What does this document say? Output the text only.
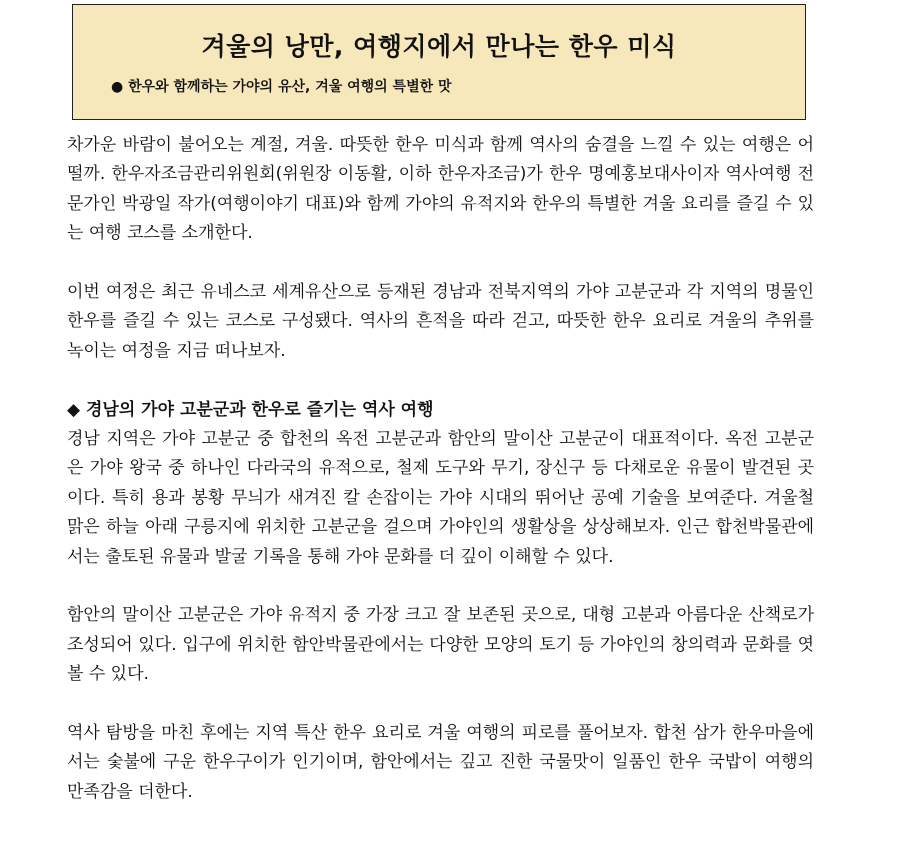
겨울의 낭만, 여행지에서 만나는 한우 미식
● 한우와 함께하는 가야의 유산, 겨울 여행의 특별한 맛

차가운 바람이 불어오는 계절, 겨울. 따뜻한 한우 미식과 함께 역사의 숨결을 느낄 수 있는 여행은 어떨까. 한우자조금관리위원회(위원장 이동활, 이하 한우자조금)가 한우 명예홍보대사이자 역사여행 전문가인 박광일 작가(여행이야기 대표)와 함께 가야의 유적지와 한우의 특별한 겨울 요리를 즐길 수 있는 여행 코스를 소개한다.

이번 여정은 최근 유네스코 세계유산으로 등재된 경남과 전북지역의 가야 고분군과 각 지역의 명물인 한우를 즐길 수 있는 코스로 구성됐다. 역사의 흔적을 따라 걷고, 따뜻한 한우 요리로 겨울의 추위를 녹이는 여정을 지금 떠나보자.

◆ 경남의 가야 고분군과 한우로 즐기는 역사 여행

경남 지역은 가야 고분군 중 합천의 옥전 고분군과 함안의 말이산 고분군이 대표적이다. 옥전 고분군은 가야 왕국 중 하나인 다라국의 유적으로, 철제 도구와 무기, 장신구 등 다채로운 유물이 발견된 곳이다. 특히 용과 봉황 무늬가 새겨진 칼 손잡이는 가야 시대의 뛰어난 공예 기술을 보여준다. 겨울철 맑은 하늘 아래 구릉지에 위치한 고분군을 걸으며 가야인의 생활상을 상상해보자. 인근 합천박물관에서는 출토된 유물과 발굴 기록을 통해 가야 문화를 더 깊이 이해할 수 있다.

함안의 말이산 고분군은 가야 유적지 중 가장 크고 잘 보존된 곳으로, 대형 고분과 아름다운 산책로가 조성되어 있다. 입구에 위치한 함안박물관에서는 다양한 모양의 토기 등 가야인의 창의력과 문화를 엿볼 수 있다.

역사 탐방을 마친 후에는 지역 특산 한우 요리로 겨울 여행의 피로를 풀어보자. 합천 삼가 한우마을에서는 숯불에 구운 한우구이가 인기이며, 함안에서는 깊고 진한 국물맛이 일품인 한우 국밥이 여행의 만족감을 더한다.
